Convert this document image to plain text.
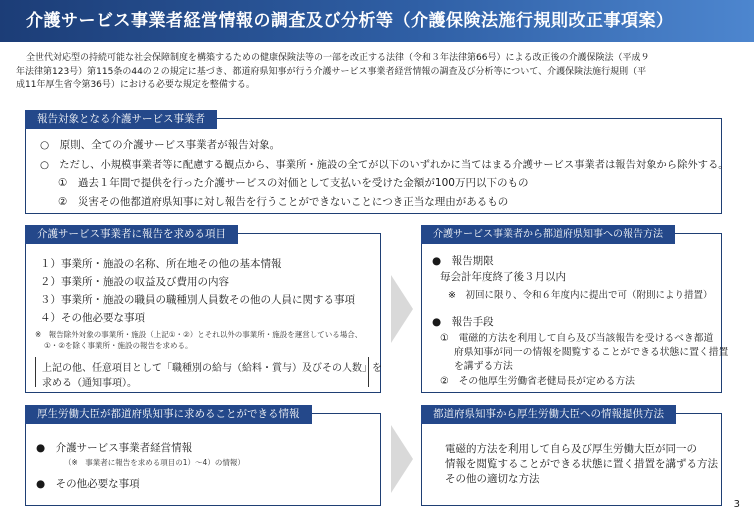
介護サービス事業者経営情報の調査及び分析等（介護保険法施行規則改正事項案）
全世代対応型の持続可能な社会保障制度を構築するための健康保険法等の一部を改正する法律（令和３年法律第66号）による改正後の介護保険法（平成９
年法律第123号）第115条の44の２の規定に基づき、都道府県知事が行う介護サービス事業者経営情報の調査及び分析等について、介護保険法施行規則（平
成11年厚生省令第36号）における必要な規定を整備する。
報告対象となる介護サービス事業者
○　原則、全ての介護サービス事業者が報告対象。
○　ただし、小規模事業者等に配慮する観点から、事業所・施設の全てが以下のいずれかに当てはまる介護サービス事業者は報告対象から除外する。
①　過去１年間で提供を行った介護サービスの対価として支払いを受けた金額が100万円以下のもの
②　災害その他都道府県知事に対し報告を行うことができないことにつき正当な理由があるもの
介護サービス事業者に報告を求める項目
１）事業所・施設の名称、所在地その他の基本情報
２）事業所・施設の収益及び費用の内容
３）事業所・施設の職員の職種別人員数その他の人員に関する事項
４）その他必要な事項
※　報告除外対象の事業所・施設（上記①・②）とそれ以外の事業所・施設を運営している場合、
①・②を除く事業所・施設の報告を求める。
上記の他、任意項目として「職種別の給与（給料・賞与）及びその人数」を
求める（通知事項）。
介護サービス事業者から都道府県知事への報告方法
●　報告期限
毎会計年度終了後３月以内
※　初回に限り、令和６年度内に提出で可（附則により措置）
●　報告手段
①　電磁的方法を利用して自ら及び当該報告を受けるべき都道
府県知事が同一の情報を閲覧することができる状態に置く措置
を講ずる方法
②　その他厚生労働省老健局長が定める方法
厚生労働大臣が都道府県知事に求めることができる情報
●　介護サービス事業者経営情報
（※　事業者に報告を求める項目の1）～4）の情報）
●　その他必要な事項
都道府県知事から厚生労働大臣への情報提供方法
電磁的方法を利用して自ら及び厚生労働大臣が同一の
情報を閲覧することができる状態に置く措置を講ずる方法
その他の適切な方法
3
